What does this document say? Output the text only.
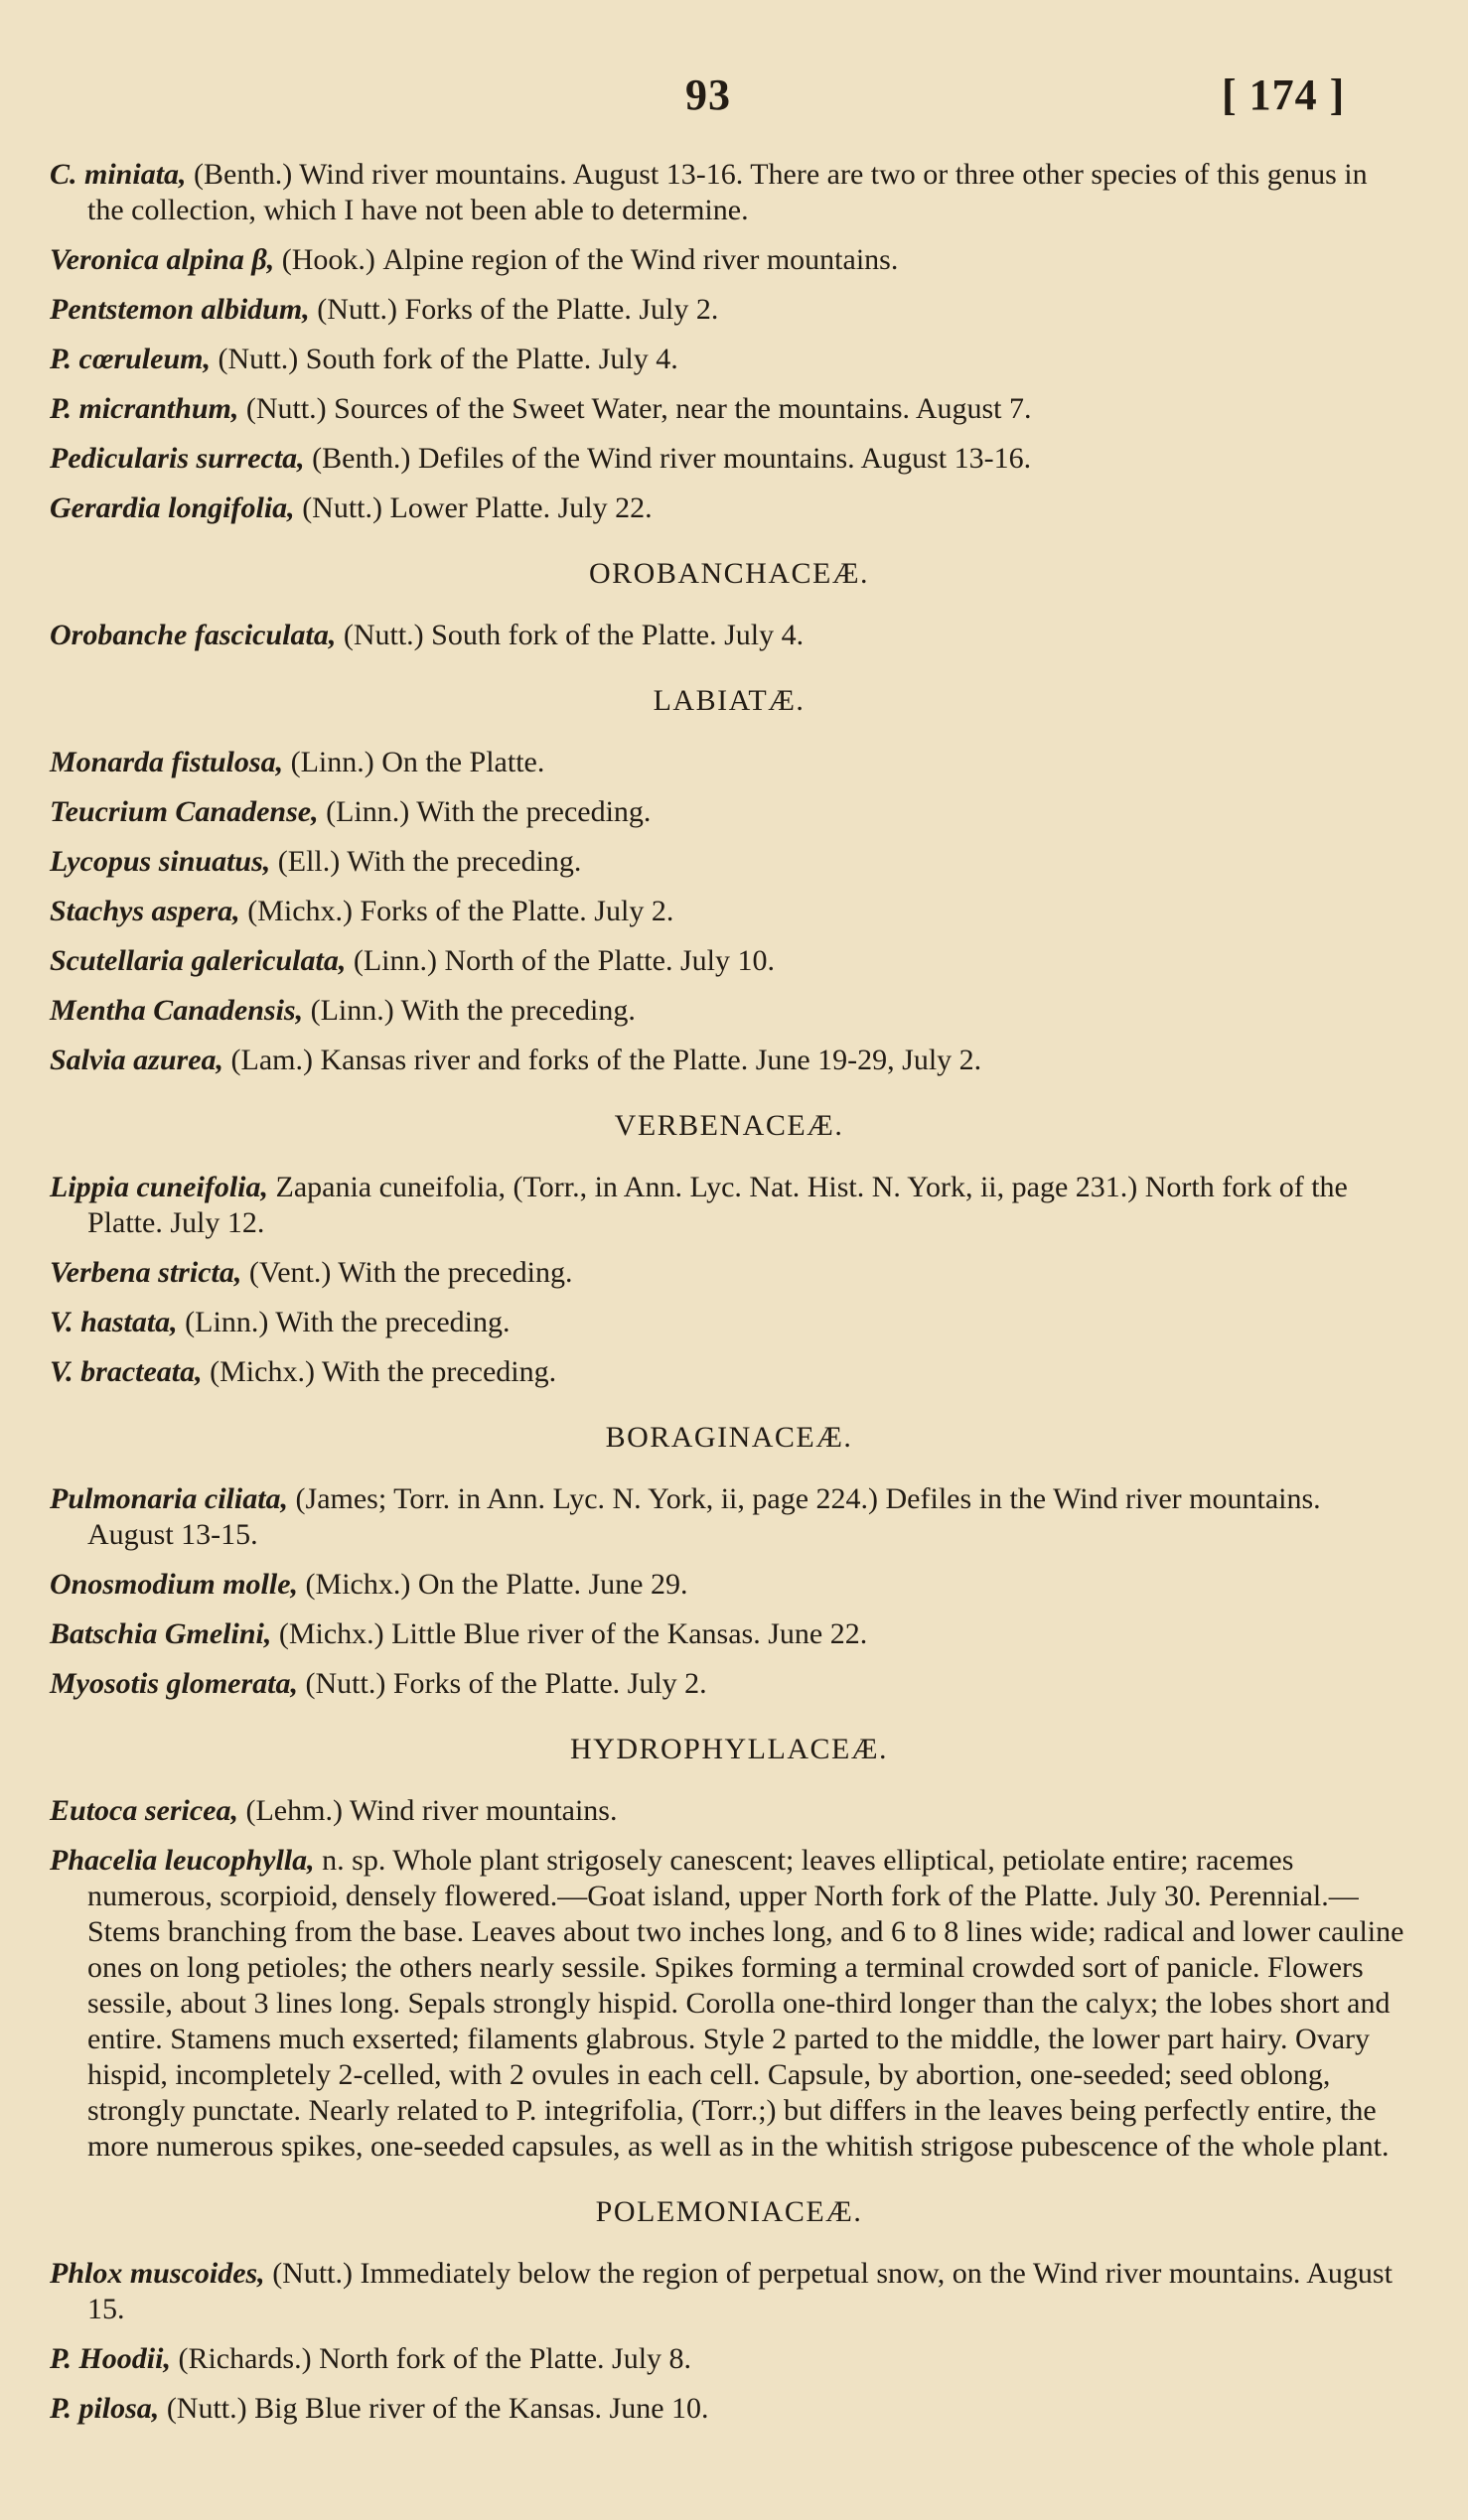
93	[ 174 ]

C. miniata, (Benth.) Wind river mountains. August 13-16. There are two or three other species of this genus in the collection, which I have not been able to determine.

Veronica alpina β, (Hook.) Alpine region of the Wind river mountains.

Pentstemon albidum, (Nutt.) Forks of the Platte. July 2.

P. cœruleum, (Nutt.) South fork of the Platte. July 4.

P. micranthum, (Nutt.) Sources of the Sweet Water, near the mountains. August 7.

Pedicularis surrecta, (Benth.) Defiles of the Wind river mountains. August 13-16.

Gerardia longifolia, (Nutt.) Lower Platte. July 22.

OROBANCHACEÆ.

Orobanche fasciculata, (Nutt.) South fork of the Platte. July 4.

LABIATÆ.

Monarda fistulosa, (Linn.) On the Platte.

Teucrium Canadense, (Linn.) With the preceding.

Lycopus sinuatus, (Ell.) With the preceding.

Stachys aspera, (Michx.) Forks of the Platte. July 2.

Scutellaria galericulata, (Linn.) North of the Platte. July 10.

Mentha Canadensis, (Linn.) With the preceding.

Salvia azurea, (Lam.) Kansas river and forks of the Platte. June 19-29, July 2.

VERBENACEÆ.

Lippia cuneifolia, Zapania cuneifolia, (Torr., in Ann. Lyc. Nat. Hist. N. York, ii, page 231.) North fork of the Platte. July 12.

Verbena stricta, (Vent.) With the preceding.

V. hastata, (Linn.) With the preceding.

V. bracteata, (Michx.) With the preceding.

BORAGINACEÆ.

Pulmonaria ciliata, (James; Torr. in Ann. Lyc. N. York, ii, page 224.) Defiles in the Wind river mountains. August 13-15.

Onosmodium molle, (Michx.) On the Platte. June 29.

Batschia Gmelini, (Michx.) Little Blue river of the Kansas. June 22.

Myosotis glomerata, (Nutt.) Forks of the Platte. July 2.

HYDROPHYLLACEÆ.

Eutoca sericea, (Lehm.) Wind river mountains.

Phacelia leucophylla, n. sp. Whole plant strigosely canescent; leaves elliptical, petiolate entire; racemes numerous, scorpioid, densely flowered.—Goat island, upper North fork of the Platte. July 30. Perennial.—Stems branching from the base. Leaves about two inches long, and 6 to 8 lines wide; radical and lower cauline ones on long petioles; the others nearly sessile. Spikes forming a terminal crowded sort of panicle. Flowers sessile, about 3 lines long. Sepals strongly hispid. Corolla one-third longer than the calyx; the lobes short and entire. Stamens much exserted; filaments glabrous. Style 2 parted to the middle, the lower part hairy. Ovary hispid, incompletely 2-celled, with 2 ovules in each cell. Capsule, by abortion, one-seeded; seed oblong, strongly punctate. Nearly related to P. integrifolia, (Torr.;) but differs in the leaves being perfectly entire, the more numerous spikes, one-seeded capsules, as well as in the whitish strigose pubescence of the whole plant.

POLEMONIACEÆ.

Phlox muscoides, (Nutt.) Immediately below the region of perpetual snow, on the Wind river mountains. August 15.

P. Hoodii, (Richards.) North fork of the Platte. July 8.

P. pilosa, (Nutt.) Big Blue river of the Kansas. June 10.
